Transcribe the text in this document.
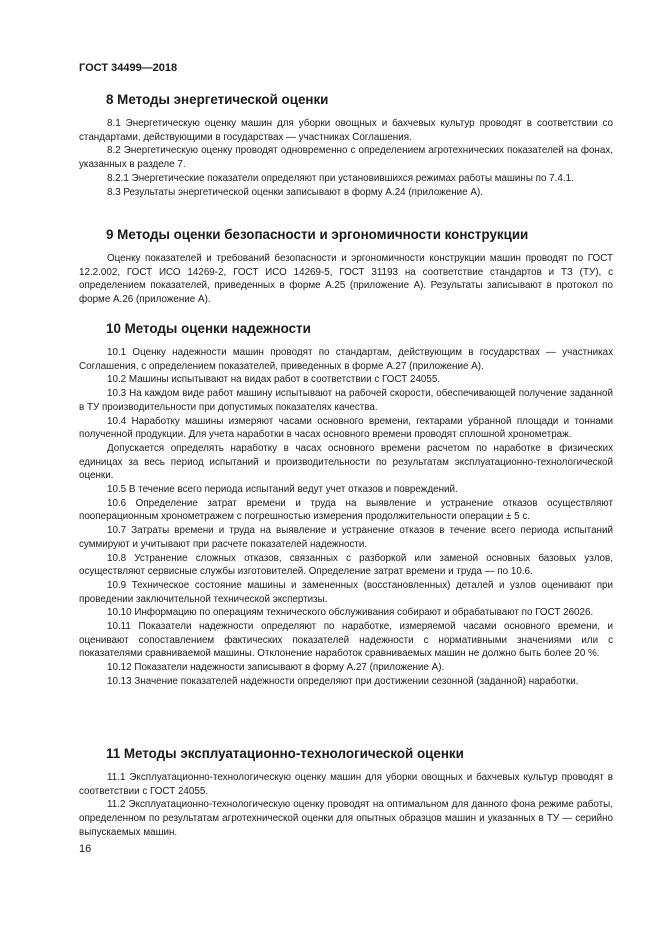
ГОСТ 34499—2018
8 Методы энергетической оценки

8.1 Энергетическую оценку машин для уборки овощных и бахчевых культур проводят в соответствии со стандартами, действующими в государствах — участниках Соглашения.

8.2 Энергетическую оценку проводят одновременно с определением агротехнических показателей на фонах, указанных в разделе 7.

8.2.1 Энергетические показатели определяют при установившихся режимах работы машины по 7.4.1.

8.3 Результаты энергетической оценки записывают в форму А.24 (приложение А).

9 Методы оценки безопасности и эргономичности конструкции

Оценку показателей и требований безопасности и эргономичности конструкции машин проводят по ГОСТ 12.2.002, ГОСТ ИСО 14269-2, ГОСТ ИСО 14269-5, ГОСТ 31193 на соответствие стандартов и ТЗ (ТУ), с определением показателей, приведенных в форме А.25 (приложение А). Результаты записывают в протокол по форме А.26 (приложение А).

10 Методы оценки надежности

10.1 Оценку надежности машин проводят по стандартам, действующим в государствах — участниках Соглашения, с определением показателей, приведенных в форме А.27 (приложение А).

10.2 Машины испытывают на видах работ в соответствии с ГОСТ 24055.

10.3 На каждом виде работ машину испытывают на рабочей скорости, обеспечивающей получение заданной в ТУ производительности при допустимых показателях качества.

10.4 Наработку машины измеряют часами основного времени, гектарами убранной площади и тоннами полученной продукции. Для учета наработки в часах основного времени проводят сплошной хронометраж.

Допускается определять наработку в часах основного времени расчетом по наработке в физических единицах за весь период испытаний и производительности по результатам эксплуатационно-технологической оценки.

10.5 В течение всего периода испытаний ведут учет отказов и повреждений.

10.6 Определение затрат времени и труда на выявление и устранение отказов осуществляют пооперационным хронометражем с погрешностью измерения продолжительности операции ± 5 с.

10.7 Затраты времени и труда на выявление и устранение отказов в течение всего периода испытаний суммируют и учитывают при расчете показателей надежности.

10.8 Устранение сложных отказов, связанных с разборкой или заменой основных базовых узлов, осуществляют сервисные службы изготовителей. Определение затрат времени и труда — по 10.6.

10.9 Техническое состояние машины и замененных (восстановленных) деталей и узлов оценивают при проведении заключительной технической экспертизы.

10.10 Информацию по операциям технического обслуживания собирают и обрабатывают по ГОСТ 26026.

10.11 Показатели надежности определяют по наработке, измеряемой часами основного времени, и оценивают сопоставлением фактических показателей надежности с нормативными значениями или с показателями сравниваемой машины. Отклонение наработок сравниваемых машин не должно быть более 20 %.

10.12 Показатели надежности записывают в форму А.27 (приложение А).

10.13 Значение показателей надежности определяют при достижении сезонной (заданной) наработки.

11 Методы эксплуатационно-технологической оценки

11.1 Эксплуатационно-технологическую оценку машин для уборки овощных и бахчевых культур проводят в соответствии с ГОСТ 24055.

11.2 Эксплуатационно-технологическую оценку проводят на оптимальном для данного фона режиме работы, определенном по результатам агротехнической оценки для опытных образцов машин и указанных в ТУ — серийно выпускаемых машин.

16
